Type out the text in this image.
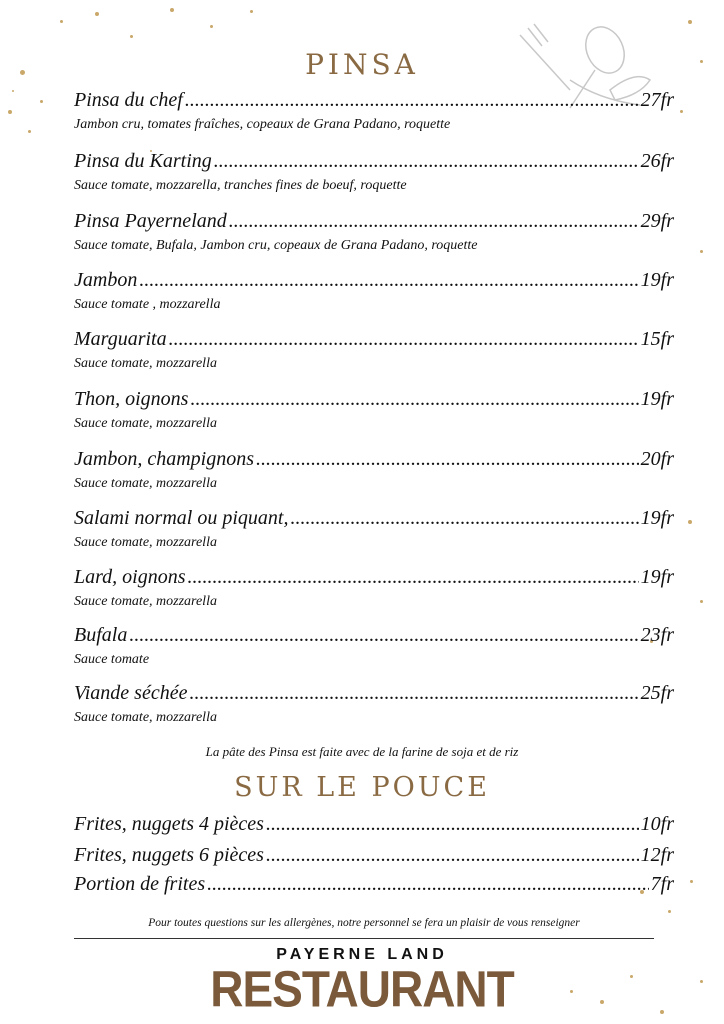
PINSA
Pinsa du chef .....	27fr
Jambon cru, tomates fraîches, copeaux de Grana Padano, roquette
Pinsa du Karting .....	26fr
Sauce tomate, mozzarella, tranches fines de boeuf, roquette
Pinsa Payerneland .....	29fr
Sauce tomate, Bufala, Jambon cru, copeaux de Grana Padano, roquette
Jambon .....	19fr
Sauce tomate , mozzarella
Marguarita .....	15fr
Sauce tomate, mozzarella
Thon, oignons .....	19fr
Sauce tomate, mozzarella
Jambon, champignons .....	20fr
Sauce tomate, mozzarella
Salami normal ou piquant, .....	19fr
Sauce tomate, mozzarella
Lard, oignons .....	19fr
Sauce tomate, mozzarella
Bufala .....	23fr
Sauce tomate
Viande séchée .....	25fr
Sauce tomate, mozzarella
La pâte des Pinsa est faite avec de la farine de soja et de riz
SUR LE POUCE
Frites, nuggets 4 pièces .....	10fr
Frites, nuggets 6 pièces .....	12fr
Portion de frites .....	7fr
Pour toutes questions sur les allergènes, notre personnel se fera un plaisir de vous renseigner
PAYERNE LAND
RESTAURANT
